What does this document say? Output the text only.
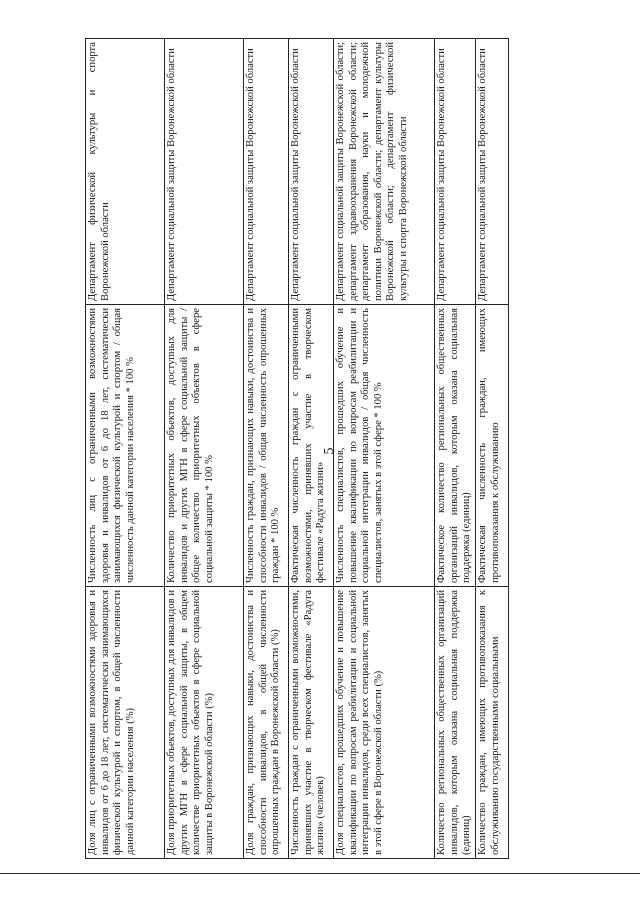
5
Доля лиц с ограниченными возможностями здоровья и инвалидов от 6 до 18 лет, систематически занимающихся физической культурой и спортом, в общей численности данной категории населения (%)	Численность лиц с ограниченными возможностями здоровья и инвалидов от 6 до 18 лет, систематически занимающихся физической культурой и спортом / общая численность данной категории населения * 100 %	Департамент физической культуры и спорта Воронежской области
Доля приоритетных объектов, доступных для инвалидов и других МГН в сфере социальной защиты, в общем количестве приоритетных объектов в сфере социальной защиты в Воронежской области (%)	Количество приоритетных объектов, доступных для инвалидов и других МГН в сфере социальной защиты / общее количество приоритетных объектов в сфере социальной защиты * 100 %	Департамент социальной защиты Воронежской области
Доля граждан, признающих навыки, достоинства и способности инвалидов, в общей численности опрошенных граждан в Воронежской области (%)	Численность граждан, признающих навыки, достоинства и способности инвалидов / общая численность опрошенных граждан * 100 %	Департамент социальной защиты Воронежской области
Численность граждан с ограниченными возможностями, принявших участие в творческом фестивале «Радуга жизни» (человек)	Фактическая численность граждан с ограниченными возможностями, принявших участие в творческом фестивале «Радуга жизни»	Департамент социальной защиты Воронежской области
Доля специалистов, прошедших обучение и повышение квалификации по вопросам реабилитации и социальной интеграции инвалидов, среди всех специалистов, занятых в этой сфере в Воронежской области (%)	Численность специалистов, прошедших обучение и повышение квалификации по вопросам реабилитации и социальной интеграции инвалидов / общая численность специалистов, занятых в этой сфере * 100 %	Департамент социальной защиты Воронежской области; департамент здравоохранения Воронежской области; департамент образования, науки и молодежной политики Воронежской области; департамент культуры Воронежской области; департамент физической культуры и спорта Воронежской области
Количество региональных общественных организаций инвалидов, которым оказана социальная поддержка (единиц)	Фактическое количество региональных общественных организаций инвалидов, которым оказана социальная поддержка (единиц)	Департамент социальной защиты Воронежской области
Количество граждан, имеющих противопоказания к обслуживанию государственными социальными	Фактическая численность граждан, имеющих противопоказания к обслуживанию	Департамент социальной защиты Воронежской области
